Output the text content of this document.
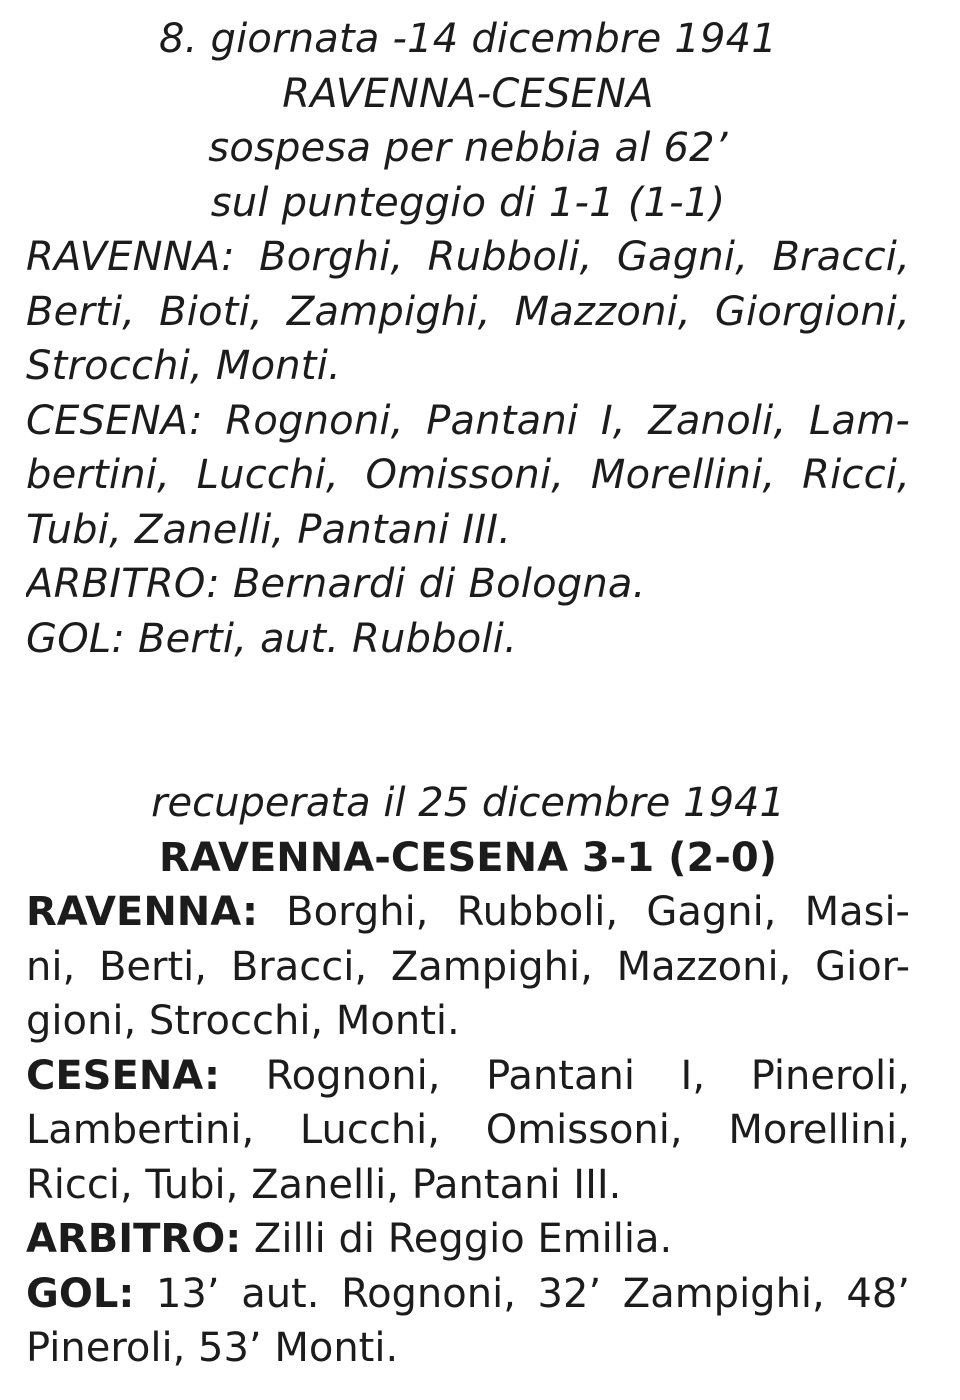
8. giornata -14 dicembre 1941
RAVENNA-CESENA
sospesa per nebbia al 62’
sul punteggio di 1-1 (1-1)
RAVENNA: Borghi, Rubboli, Gagni, Bracci,
Berti, Bioti, Zampighi, Mazzoni, Giorgioni,
Strocchi, Monti.
CESENA: Rognoni, Pantani I, Zanoli, Lam-
bertini, Lucchi, Omissoni, Morellini, Ricci,
Tubi, Zanelli, Pantani III.
ARBITRO: Bernardi di Bologna.
GOL: Berti, aut. Rubboli.
recuperata il 25 dicembre 1941
RAVENNA-CESENA 3-1 (2-0)
RAVENNA: Borghi, Rubboli, Gagni, Masi-
ni, Berti, Bracci, Zampighi, Mazzoni, Gior-
gioni, Strocchi, Monti.
CESENA: Rognoni, Pantani I, Pineroli,
Lambertini, Lucchi, Omissoni, Morellini,
Ricci, Tubi, Zanelli, Pantani III.
ARBITRO: Zilli di Reggio Emilia.
GOL: 13’ aut. Rognoni, 32’ Zampighi, 48’
Pineroli, 53’ Monti.
